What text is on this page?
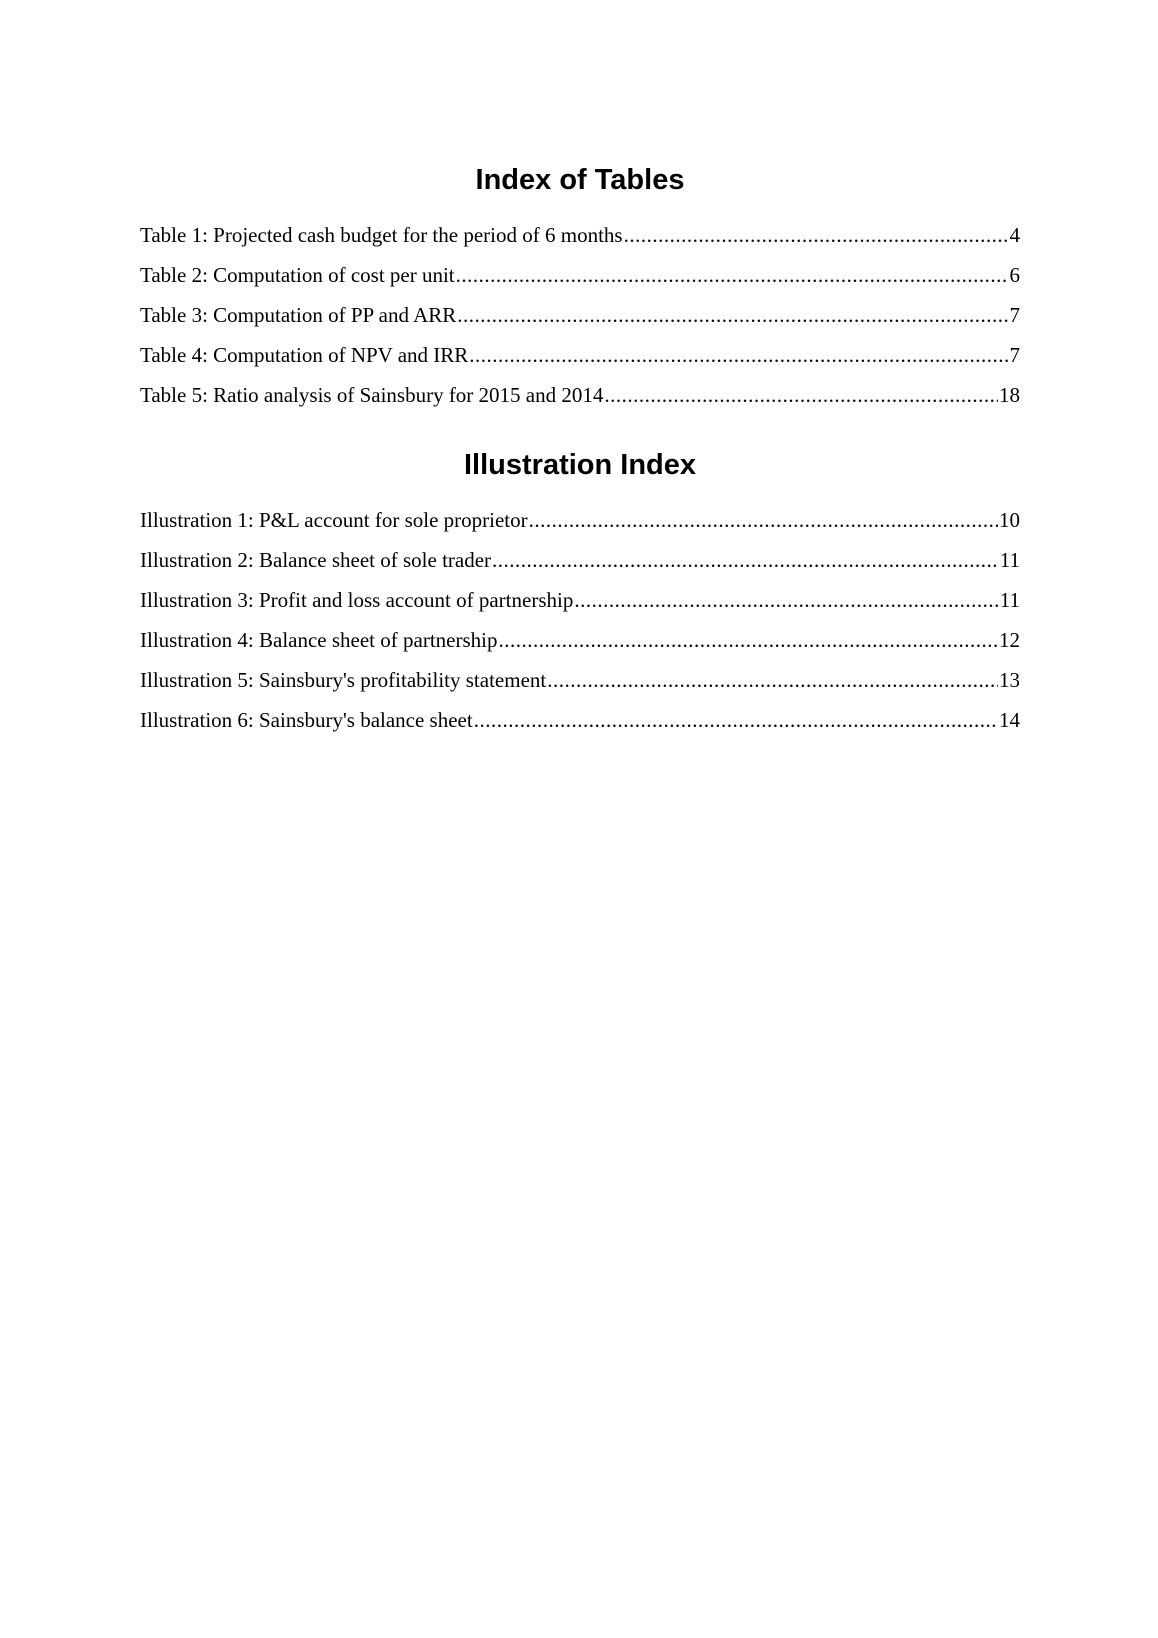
Index of Tables
Table 1: Projected cash budget for the period of 6 months .....	4
Table 2: Computation of cost per unit .....	6
Table 3: Computation of PP and ARR .....	7
Table 4: Computation of NPV and IRR .....	7
Table 5: Ratio analysis of Sainsbury for 2015 and 2014 .....	18
Illustration Index
Illustration 1: P&L account for sole proprietor .....	10
Illustration 2: Balance sheet of sole trader .....	11
Illustration 3: Profit and loss account of partnership .....	11
Illustration 4: Balance sheet of partnership .....	12
Illustration 5: Sainsbury's profitability statement .....	13
Illustration 6: Sainsbury's balance sheet .....	14
